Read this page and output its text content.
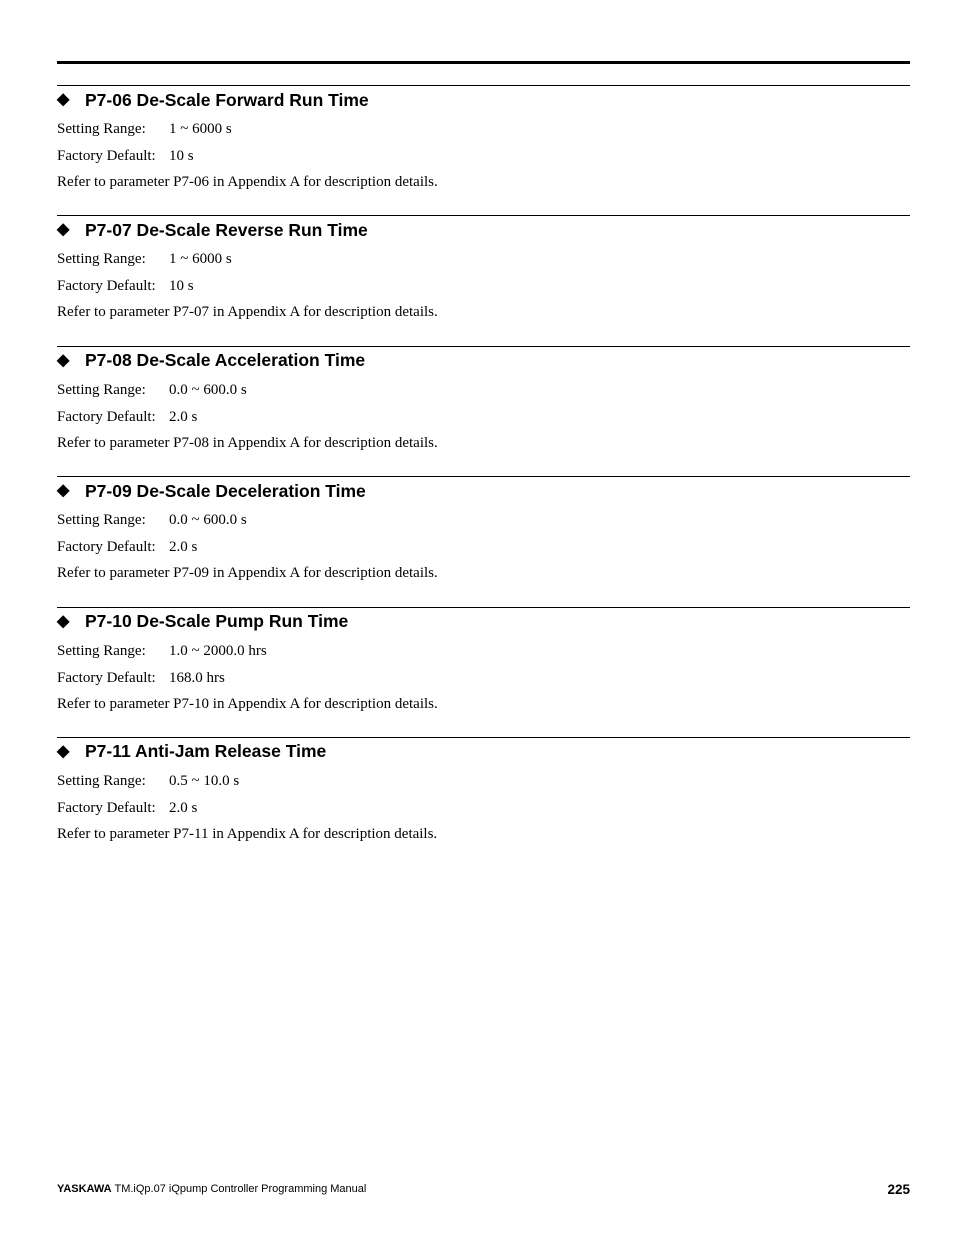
◆ P7-06 De-Scale Forward Run Time
Setting Range: 1 ~ 6000 s
Factory Default: 10 s
Refer to parameter P7-06 in Appendix A for description details.
◆ P7-07 De-Scale Reverse Run Time
Setting Range: 1 ~ 6000 s
Factory Default: 10 s
Refer to parameter P7-07 in Appendix A for description details.
◆ P7-08 De-Scale Acceleration Time
Setting Range: 0.0 ~ 600.0 s
Factory Default: 2.0 s
Refer to parameter P7-08 in Appendix A for description details.
◆ P7-09 De-Scale Deceleration Time
Setting Range: 0.0 ~ 600.0 s
Factory Default: 2.0 s
Refer to parameter P7-09 in Appendix A for description details.
◆ P7-10 De-Scale Pump Run Time
Setting Range: 1.0 ~ 2000.0 hrs
Factory Default: 168.0 hrs
Refer to parameter P7-10 in Appendix A for description details.
◆ P7-11 Anti-Jam Release Time
Setting Range: 0.5 ~ 10.0 s
Factory Default: 2.0 s
Refer to parameter P7-11 in Appendix A for description details.
YASKAWA TM.iQp.07 iQpump Controller Programming Manual	225
